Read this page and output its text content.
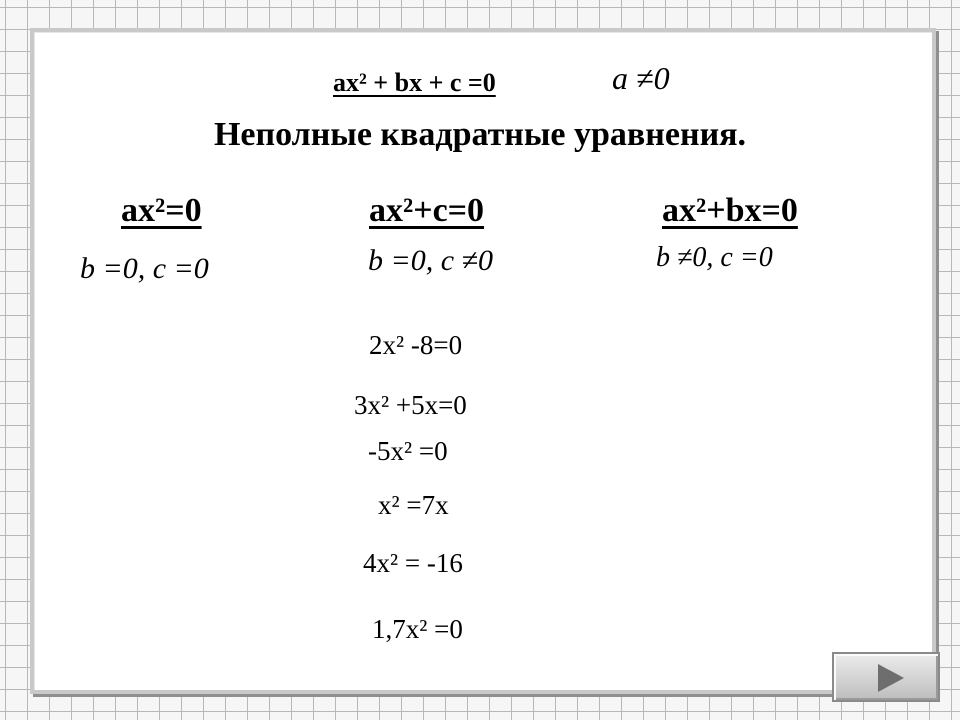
ax² + bx + c =0	a ≠0
Неполные квадратные уравнения.
ax²=0	ax²+c=0	ax²+bx=0
b =0, c =0	b =0, c ≠0	b ≠0, c =0
2x² -8=0
3x² +5x=0
-5x² =0
x² =7x
4x² = -16
1,7x² =0
